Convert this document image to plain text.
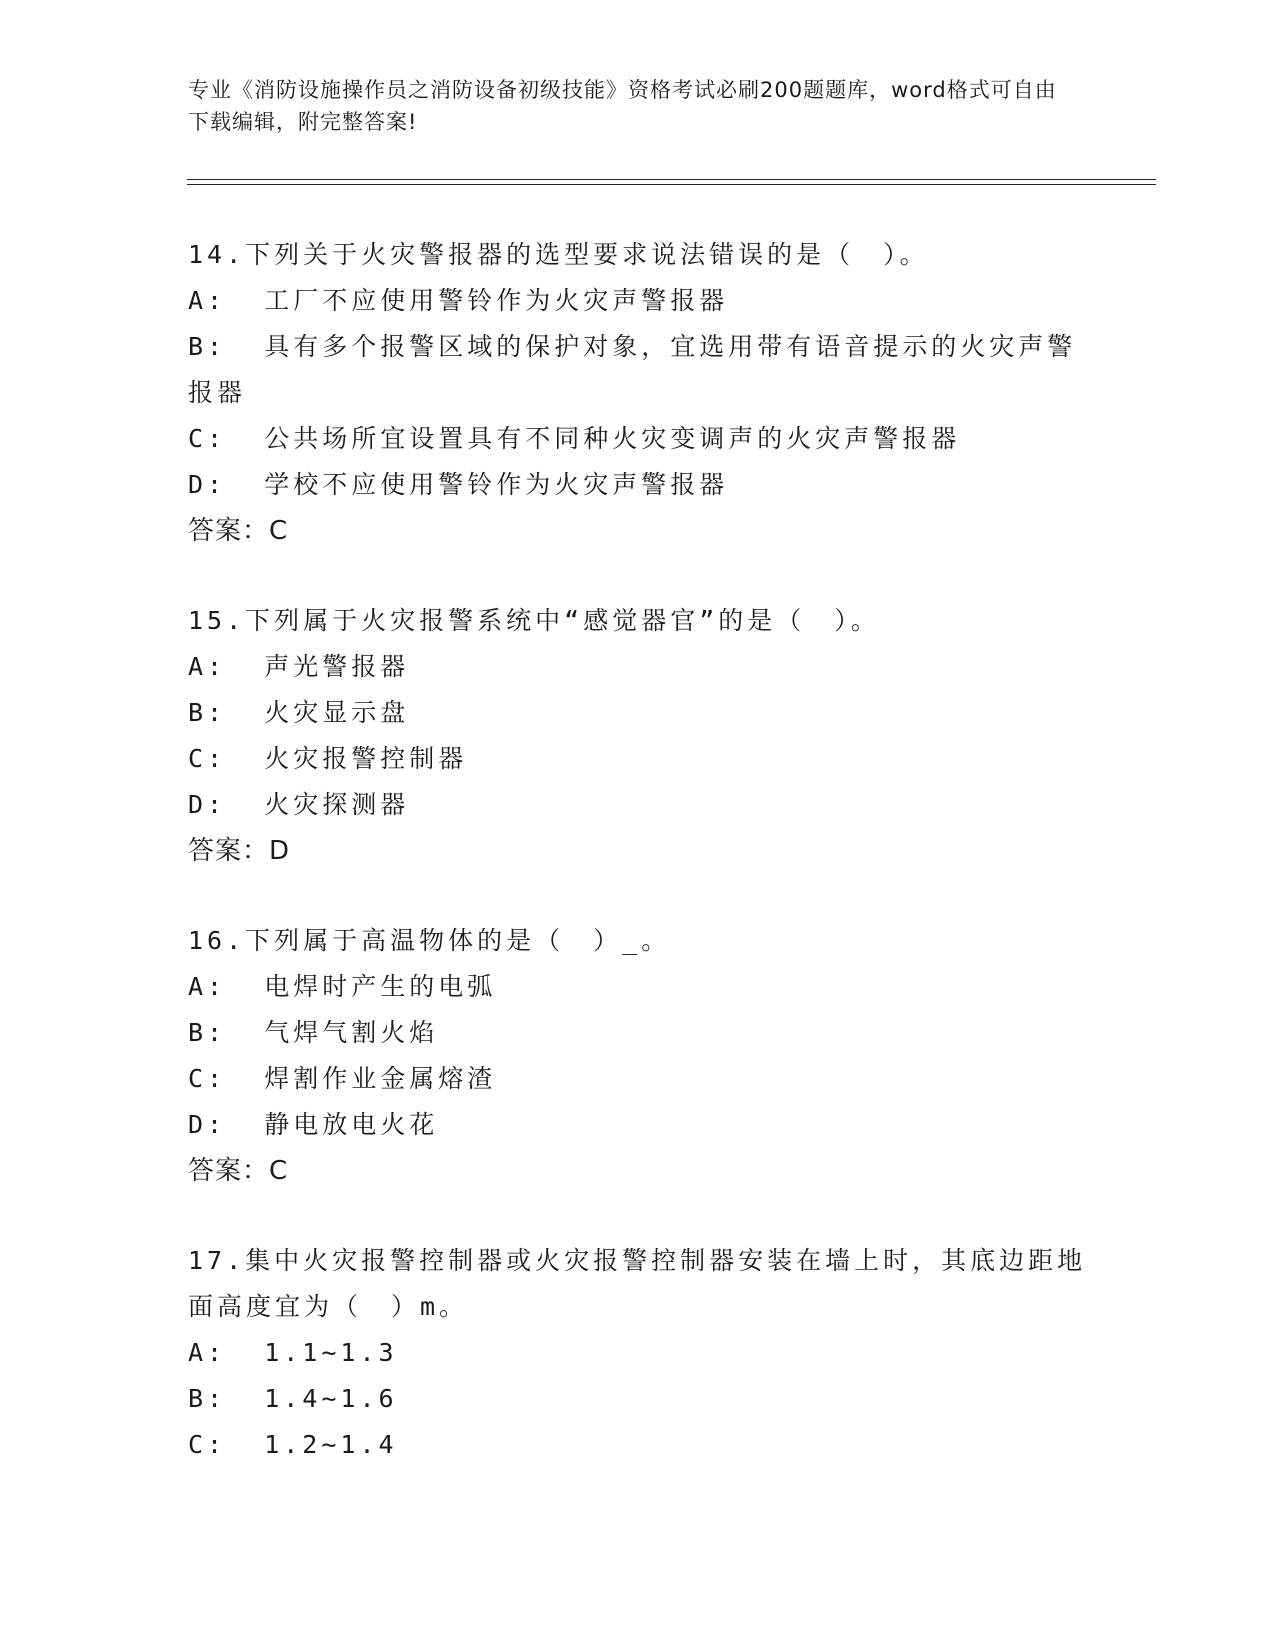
专业《消防设施操作员之消防设备初级技能》资格考试必刷200题题库，word格式可自由下载编辑，附完整答案!
14.下列关于火灾警报器的选型要求说法错误的是（　）。
A:  工厂不应使用警铃作为火灾声警报器
B:  具有多个报警区域的保护对象，宜选用带有语音提示的火灾声警报器
C:  公共场所宜设置具有不同种火灾变调声的火灾声警报器
D:  学校不应使用警铃作为火灾声警报器
答案：C
15.下列属于火灾报警系统中“感觉器官”的是（　）。
A:  声光警报器
B:  火灾显示盘
C:  火灾报警控制器
D:  火灾探测器
答案：D
16.下列属于高温物体的是（　）_。
A:  电焊时产生的电弧
B:  气焊气割火焰
C:  焊割作业金属熔渣
D:  静电放电火花
答案：C
17.集中火灾报警控制器或火灾报警控制器安装在墙上时，其底边距地面高度宜为（　）m。
A:  1.1~1.3
B:  1.4~1.6
C:  1.2~1.4
